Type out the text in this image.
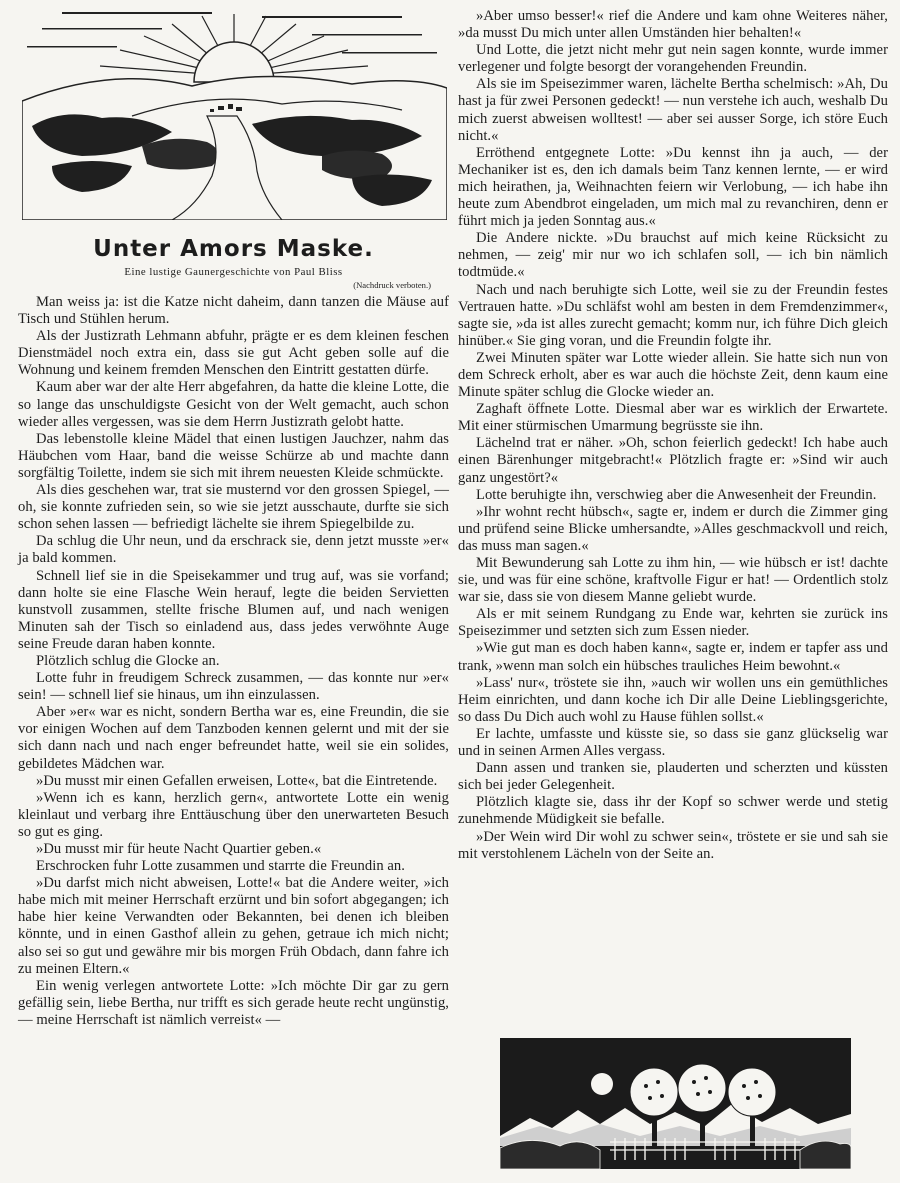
Unter Amors Maske.
Eine lustige Gaunergeschichte von Paul Bliss
(Nachdruck verboten.)

Man weiss ja: ist die Katze nicht daheim, dann tanzen die Mäuse auf Tisch und Stühlen herum.

Als der Justizrath Lehmann abfuhr, prägte er es dem kleinen feschen Dienstmädel noch extra ein, dass sie gut Acht geben solle auf die Wohnung und keinem fremden Menschen den Eintritt gestatten dürfe.

Kaum aber war der alte Herr abgefahren, da hatte die kleine Lotte, die so lange das unschuldigste Gesicht von der Welt gemacht, auch schon wieder alles vergessen, was sie dem Herrn Justizrath gelobt hatte.

Das lebenstolle kleine Mädel that einen lustigen Jauchzer, nahm das Häubchen vom Haar, band die weisse Schürze ab und machte dann sorgfältig Toilette, indem sie sich mit ihrem neuesten Kleide schmückte.

Als dies geschehen war, trat sie musternd vor den grossen Spiegel, — oh, sie konnte zufrieden sein, so wie sie jetzt ausschaute, durfte sie sich schon sehen lassen — befriedigt lächelte sie ihrem Spiegelbilde zu.

Da schlug die Uhr neun, und da erschrack sie, denn jetzt musste »er« ja bald kommen.

Schnell lief sie in die Speisekammer und trug auf, was sie vorfand; dann holte sie eine Flasche Wein herauf, legte die beiden Servietten kunstvoll zusammen, stellte frische Blumen auf, und nach wenigen Minuten sah der Tisch so einladend aus, dass jedes verwöhnte Auge seine Freude daran haben konnte.

Plötzlich schlug die Glocke an.

Lotte fuhr in freudigem Schreck zusammen, — das konnte nur »er« sein! — schnell lief sie hinaus, um ihn einzulassen.

Aber »er« war es nicht, sondern Bertha war es, eine Freundin, die sie vor einigen Wochen auf dem Tanzboden kennen gelernt und mit der sie sich dann nach und nach enger befreundet hatte, weil sie ein solides, gebildetes Mädchen war.

»Du musst mir einen Gefallen erweisen, Lotte«, bat die Eintretende.

»Wenn ich es kann, herzlich gern«, antwortete Lotte ein wenig kleinlaut und verbarg ihre Enttäuschung über den unerwarteten Besuch so gut es ging.

»Du musst mir für heute Nacht Quartier geben.«

Erschrocken fuhr Lotte zusammen und starrte die Freundin an.

»Du darfst mich nicht abweisen, Lotte!« bat die Andere weiter, »ich habe mich mit meiner Herrschaft erzürnt und bin sofort abgegangen; ich habe hier keine Verwandten oder Bekannten, bei denen ich bleiben könnte, und in einen Gasthof allein zu gehen, getraue ich mich nicht; also sei so gut und gewähre mir bis morgen Früh Obdach, dann fahre ich zu meinen Eltern.«

Ein wenig verlegen antwortete Lotte: »Ich möchte Dir gar zu gern gefällig sein, liebe Bertha, nur trifft es sich gerade heute recht ungünstig, — meine Herrschaft ist nämlich verreist« —

»Aber umso besser!« rief die Andere und kam ohne Weiteres näher, »da musst Du mich unter allen Umständen hier behalten!«

Und Lotte, die jetzt nicht mehr gut nein sagen konnte, wurde immer verlegener und folgte besorgt der vorangehenden Freundin.

Als sie im Speisezimmer waren, lächelte Bertha schelmisch: »Ah, Du hast ja für zwei Personen gedeckt! — nun verstehe ich auch, weshalb Du mich zuerst abweisen wolltest! — aber sei ausser Sorge, ich störe Euch nicht.«

Erröthend entgegnete Lotte: »Du kennst ihn ja auch, — der Mechaniker ist es, den ich damals beim Tanz kennen lernte, — er wird mich heirathen, ja, Weihnachten feiern wir Verlobung, — ich habe ihn heute zum Abendbrot eingeladen, um mich mal zu revanchiren, denn er führt mich ja jeden Sonntag aus.«

Die Andere nickte. »Du brauchst auf mich keine Rücksicht zu nehmen, — zeig' mir nur wo ich schlafen soll, — ich bin nämlich todtmüde.«

Nach und nach beruhigte sich Lotte, weil sie zu der Freundin festes Vertrauen hatte. »Du schläfst wohl am besten in dem Fremdenzimmer«, sagte sie, »da ist alles zurecht gemacht; komm nur, ich führe Dich gleich hinüber.« Sie ging voran, und die Freundin folgte ihr.

Zwei Minuten später war Lotte wieder allein. Sie hatte sich nun von dem Schreck erholt, aber es war auch die höchste Zeit, denn kaum eine Minute später schlug die Glocke wieder an.

Zaghaft öffnete Lotte. Diesmal aber war es wirklich der Erwartete. Mit einer stürmischen Umarmung begrüsste sie ihn.

Lächelnd trat er näher. »Oh, schon feierlich gedeckt! Ich habe auch einen Bärenhunger mitgebracht!« Plötzlich fragte er: »Sind wir auch ganz ungestört?«

Lotte beruhigte ihn, verschwieg aber die Anwesenheit der Freundin.

»Ihr wohnt recht hübsch«, sagte er, indem er durch die Zimmer ging und prüfend seine Blicke umhersandte, »Alles geschmackvoll und reich, das muss man sagen.«

Mit Bewunderung sah Lotte zu ihm hin, — wie hübsch er ist! dachte sie, und was für eine schöne, kraftvolle Figur er hat! — Ordentlich stolz war sie, dass sie von diesem Manne geliebt wurde.

Als er mit seinem Rundgang zu Ende war, kehrten sie zurück ins Speisezimmer und setzten sich zum Essen nieder.

»Wie gut man es doch haben kann«, sagte er, indem er tapfer ass und trank, »wenn man solch ein hübsches trauliches Heim bewohnt.«

»Lass' nur«, tröstete sie ihn, »auch wir wollen uns ein gemüthliches Heim einrichten, und dann koche ich Dir alle Deine Lieblingsgerichte, so dass Du Dich auch wohl zu Hause fühlen sollst.«

Er lachte, umfasste und küsste sie, so dass sie ganz glückselig war und in seinen Armen Alles vergass.

Dann assen und tranken sie, plauderten und scherzten und küssten sich bei jeder Gelegenheit.

Plötzlich klagte sie, dass ihr der Kopf so schwer werde und stetig zunehmende Müdigkeit sie befalle.

»Der Wein wird Dir wohl zu schwer sein«, tröstete er sie und sah sie mit verstohlenem Lächeln von der Seite an.
